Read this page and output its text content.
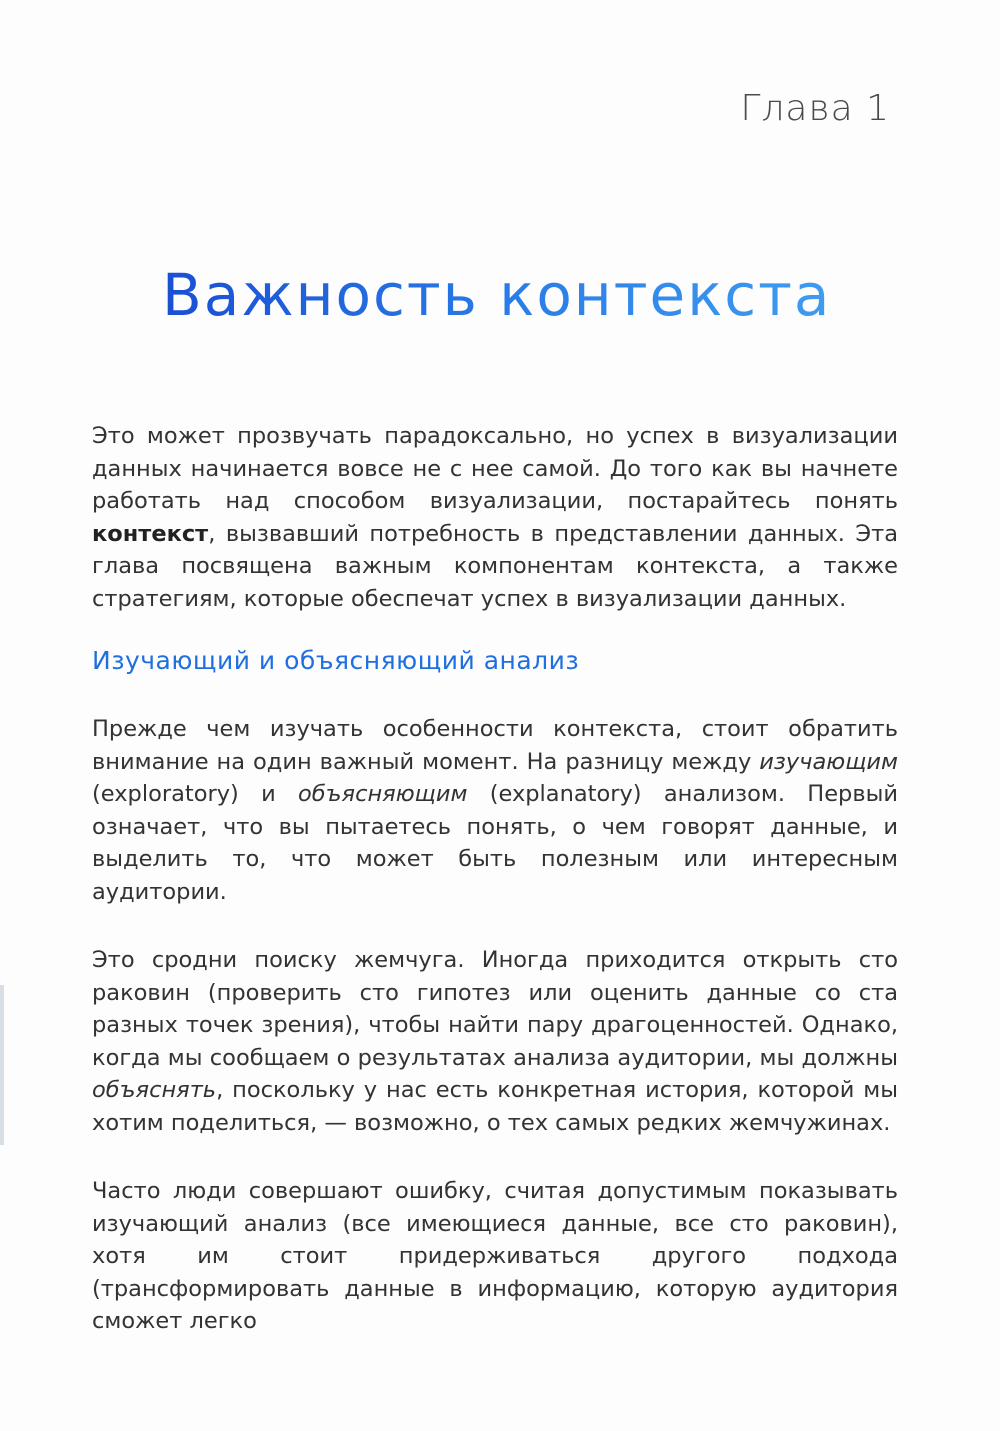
Глава 1
Важность контекста

Это может прозвучать парадоксально, но успех в визуализации данных начинается вовсе не с нее самой. До того как вы начнете работать над способом визуализации, постарайтесь понять контекст, вызвавший потребность в представлении данных. Эта глава посвящена важным компонентам контекста, а также стратегиям, которые обеспечат успех в визуализации данных.

Изучающий и объясняющий анализ

Прежде чем изучать особенности контекста, стоит обратить внимание на один важный момент. На разницу между изучающим (exploratory) и объясняющим (explanatory) анализом. Первый означает, что вы пытаетесь понять, о чем говорят данные, и выделить то, что может быть полезным или интересным аудитории.

Это сродни поиску жемчуга. Иногда приходится открыть сто раковин (проверить сто гипотез или оценить данные со ста разных точек зрения), чтобы найти пару драгоценностей. Однако, когда мы сообщаем о результатах анализа аудитории, мы должны объяснять, поскольку у нас есть конкретная история, которой мы хотим поделиться, — возможно, о тех самых редких жемчужинах.

Часто люди совершают ошибку, считая допустимым показывать изучающий анализ (все имеющиеся данные, все сто раковин), хотя им стоит придерживаться другого подхода (трансформировать данные в информацию, которую аудитория сможет легко
